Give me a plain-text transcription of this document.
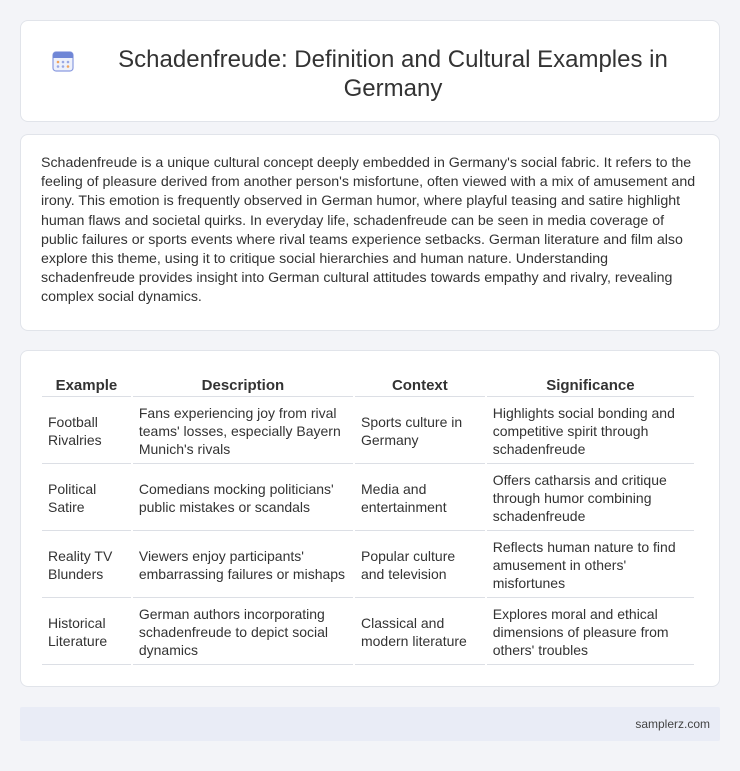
Schadenfreude: Definition and Cultural Examples in Germany

Schadenfreude is a unique cultural concept deeply embedded in Germany's social fabric. It refers to the feeling of pleasure derived from another person's misfortune, often viewed with a mix of amusement and irony. This emotion is frequently observed in German humor, where playful teasing and satire highlight human flaws and societal quirks. In everyday life, schadenfreude can be seen in media coverage of public failures or sports events where rival teams experience setbacks. German literature and film also explore this theme, using it to critique social hierarchies and human nature. Understanding schadenfreude provides insight into German cultural attitudes towards empathy and rivalry, revealing complex social dynamics.

Example	Description	Context	Significance
Football Rivalries	Fans experiencing joy from rival teams' losses, especially Bayern Munich's rivals	Sports culture in Germany	Highlights social bonding and competitive spirit through schadenfreude
Political Satire	Comedians mocking politicians' public mistakes or scandals	Media and entertainment	Offers catharsis and critique through humor combining schadenfreude
Reality TV Blunders	Viewers enjoy participants' embarrassing failures or mishaps	Popular culture and television	Reflects human nature to find amusement in others' misfortunes
Historical Literature	German authors incorporating schadenfreude to depict social dynamics	Classical and modern literature	Explores moral and ethical dimensions of pleasure from others' troubles
samplerz.com
